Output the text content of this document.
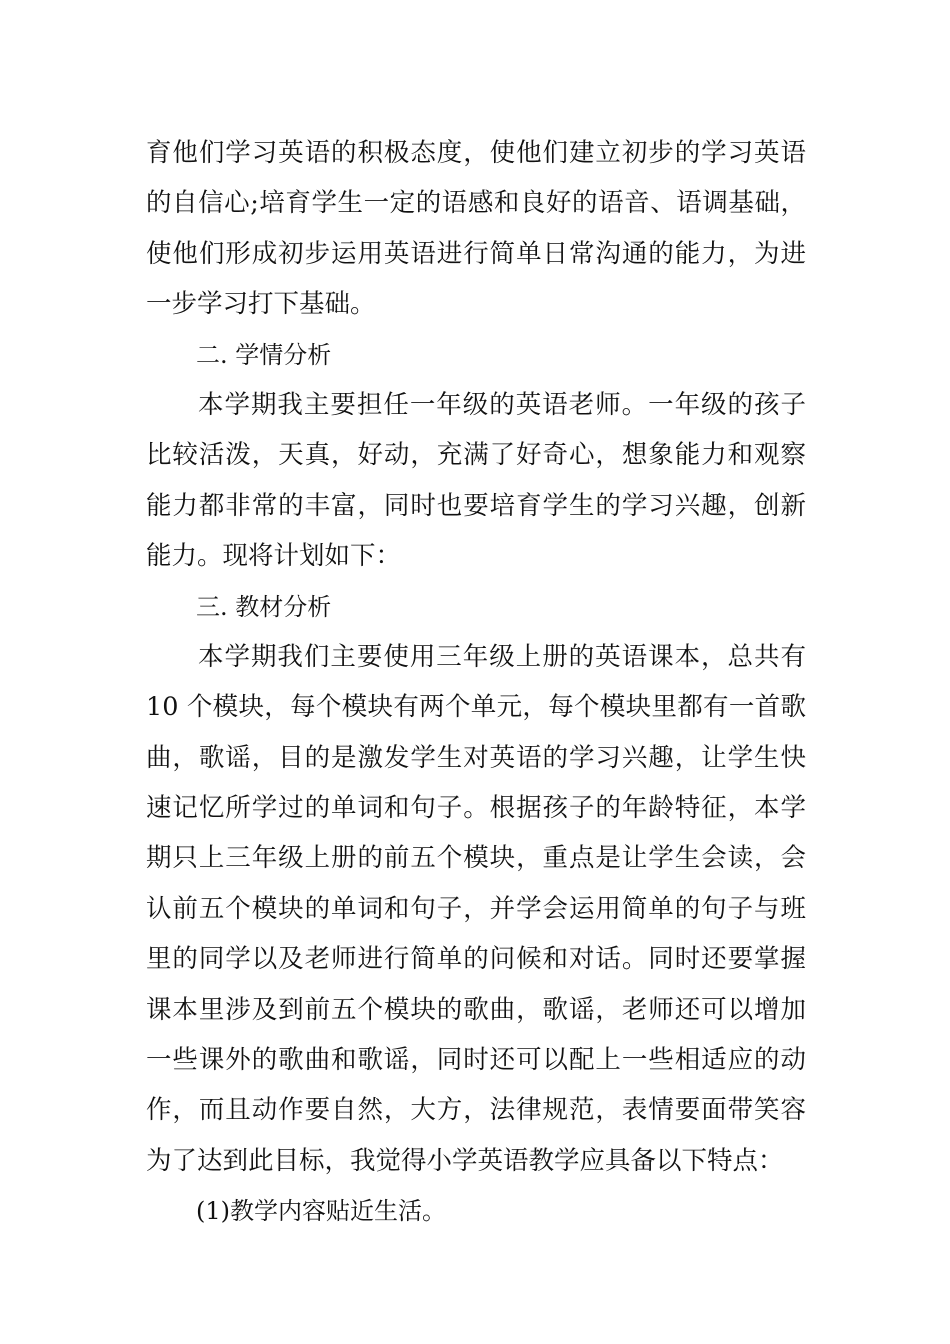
育他们学习英语的积极态度，使他们建立初步的学习英语
的自信心;培育学生一定的语感和良好的语音、语调基础，
使他们形成初步运用英语进行简单日常沟通的能力，为进
一步学习打下基础。
二. 学情分析
本学期我主要担任一年级的英语老师。一年级的孩子
比较活泼，天真，好动，充满了好奇心，想象能力和观察
能力都非常的丰富，同时也要培育学生的学习兴趣，创新
能力。现将计划如下：
三. 教材分析
本学期我们主要使用三年级上册的英语课本，总共有
10 个模块，每个模块有两个单元，每个模块里都有一首歌
曲，歌谣，目的是激发学生对英语的学习兴趣，让学生快
速记忆所学过的单词和句子。根据孩子的年龄特征，本学
期只上三年级上册的前五个模块，重点是让学生会读，会
认前五个模块的单词和句子，并学会运用简单的句子与班
里的同学以及老师进行简单的问候和对话。同时还要掌握
课本里涉及到前五个模块的歌曲，歌谣，老师还可以增加
一些课外的歌曲和歌谣，同时还可以配上一些相适应的动
作，而且动作要自然，大方，法律规范，表情要面带笑容
为了达到此目标，我觉得小学英语教学应具备以下特点：
(1)教学内容贴近生活。
